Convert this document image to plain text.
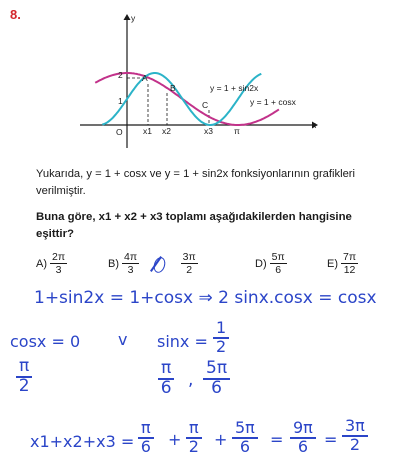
8.	y
x
O
1
2 A
B
C
x1 x2	x3 π
y = 1 + sin2x
y = 1 + cosx
Yukarıda, y = 1 + cosx ve y = 1 + sin2x fonksiyonlarının grafikleri verilmiştir.
Buna göre, x1 + x2 + x3 toplamı aşağıdakilerden hangisine eşittir?
$A) \frac{2\pi}{3}$	$B) \frac{4\pi}{3}$	$\frac{3\pi}{2}$	$D) \frac{5\pi}{6}$	$E) \frac{7\pi}{12}$
1+sin2x = 1+cosx ⇒ 2 sinx.cosx = cosx
cosx = 0 v $\sin x = \frac{1}{2}$
$\frac{\pi}{2}$	$\frac{\pi}{6}$ , $\frac{5\pi}{6}$
$x1+x2+x3 = \frac{\pi}{6} + \frac{\pi}{2} + \frac{5\pi}{6} = \frac{9\pi}{6} = \frac{3\pi}{2}$
